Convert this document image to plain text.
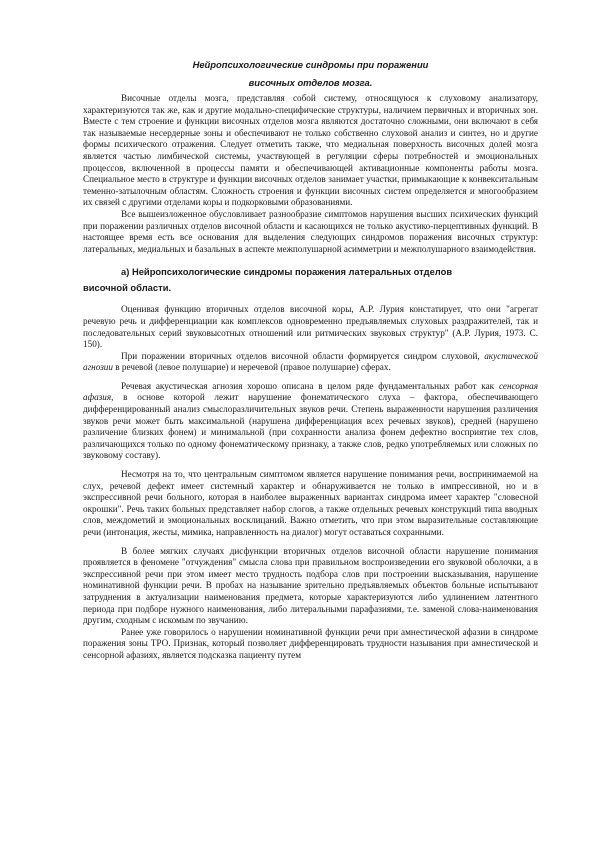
Нейропсихологические синдромы при поражении
височных отделов мозга.

Височные отделы мозга, представляя собой систему, относящуюся к слуховому анализатору, характеризуются так же, как и другие модально-специфические структуры, наличием первичных и вторичных зон. Вместе с тем строение и функции височных отделов мозга являются достаточно сложными, они включают в себя так называемые несердерные зоны и обеспечивают не только собственно слуховой анализ и синтез, но и другие формы психического отражения. Следует отметить также, что медиальная поверхность височных долей мозга является частью лимбической системы, участвующей в регуляции сферы потребностей и эмоциональных процессов, включенной в процессы памяти и обеспечивающей активационные компоненты работы мозга. Специальное место в структуре и функции височных отделов занимает участки, примыкающие к конвекситальным теменно-затылочным областям. Сложность строения и функции височных систем определяется и многообразием их связей с другими отделами коры и подкорковыми образованиями.

Все вышеизложенное обусловливает разнообразие симптомов нарушения высших психических функций при поражении различных отделов височной области и касающихся не только акустико-перцептивных функций. В настоящее время есть все основания для выделения следующих синдромов поражения височных структур: латеральных, медиальных и базальных в аспекте межполушарной асимметрии и межполушарного взаимодействия.

а) Нейропсихологические синдромы поражения латеральных отделов
височной области.

Оценивая функцию вторичных отделов височной коры, А.Р. Лурия констатирует, что они "агрегат речевую речь и дифференциации как комплексов одновременно предъявляемых слуховых раздражителей, так и последовательных серий звуковысотных отношений или ритмических звуковых структур" (А.Р. Лурия, 1973. С. 150).

При поражении вторичных отделов височной области формируется синдром слуховой, акустической агнозии в речевой (левое полушарие) и неречевой (правое полушарие) сферах.

Речевая акустическая агнозия хорошо описана в целом ряде фундаментальных работ как сенсорная афазия, в основе которой лежит нарушение фонематического слуха – фактора, обеспечивающего дифференцированный анализ смыслоразличительных звуков речи. Степень выраженности нарушения различения звуков речи может быть максимальной (нарушена дифференциация всех речевых звуков), средней (нарушено различение близких фонем) и минимальной (при сохранности анализа фонем дефектно восприятие тех слов, различающихся только по одному фонематическому признаку, а также слов, редко употребляемых или сложных по звуковому составу).

Несмотря на то, что центральным симптомом является нарушение понимания речи, воспринимаемой на слух, речевой дефект имеет системный характер и обнаруживается не только в импрессивной, но и в экспрессивной речи больного, которая в наиболее выраженных вариантах синдрома имеет характер "словесной окрошки". Речь таких больных представляет набор слогов, а также отдельных речевых конструкций типа вводных слов, междометий и эмоциональных восклицаний. Важно отметить, что при этом выразительные составляющие речи (интонация, жесты, мимика, направленность на диалог) могут оставаться сохранными.

В более мягких случаях дисфункции вторичных отделов височной области нарушение понимания проявляется в феномене "отчуждения" смысла слова при правильном воспроизведении его звуковой оболочки, а в экспрессивной речи при этом имеет место трудность подбора слов при построении высказывания, нарушение номинативной функции речи. В пробах на называние зрительно предъявляемых объектов больные испытывают затруднения в актуализации наименования предмета, которые характеризуются либо удлинением латентного периода при подборе нужного наименования, либо литеральными парафазиями, т.е. заменой слова-наименования другим, сходным с искомым по звучанию.

Ранее уже говорилось о нарушении номинативной функции речи при амнестической афазии в синдроме поражения зоны ТРО. Признак, который позволяет дифференцировать трудности называния при амнестической и сенсорной афазиях, является подсказка пациенту путем
